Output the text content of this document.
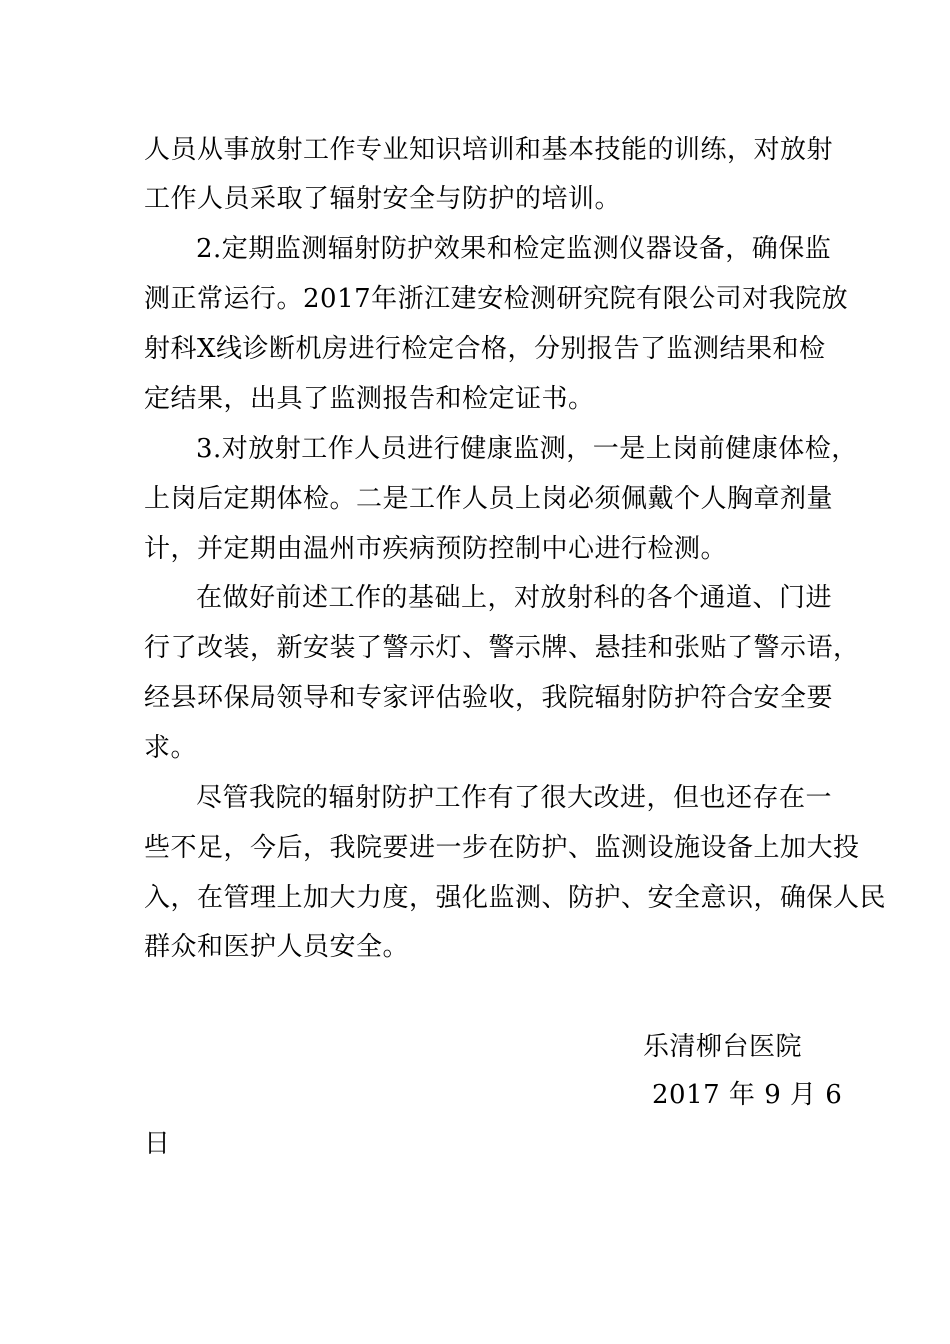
人员从事放射工作专业知识培训和基本技能的训练，对放射
工作人员采取了辐射安全与防护的培训。
2.定期监测辐射防护效果和检定监测仪器设备，确保监
测正常运行。2017年浙江建安检测研究院有限公司对我院放
射科X线诊断机房进行检定合格，分别报告了监测结果和检
定结果，出具了监测报告和检定证书。
3.对放射工作人员进行健康监测，一是上岗前健康体检，
上岗后定期体检。二是工作人员上岗必须佩戴个人胸章剂量
计，并定期由温州市疾病预防控制中心进行检测。
在做好前述工作的基础上，对放射科的各个通道、门进
行了改装，新安装了警示灯、警示牌、悬挂和张贴了警示语，
经县环保局领导和专家评估验收，我院辐射防护符合安全要
求。
尽管我院的辐射防护工作有了很大改进，但也还存在一
些不足，今后，我院要进一步在防护、监测设施设备上加大投
入，在管理上加大力度，强化监测、防护、安全意识，确保人民
群众和医护人员安全。
乐清柳台医院
2017 年 9 月 6
日
